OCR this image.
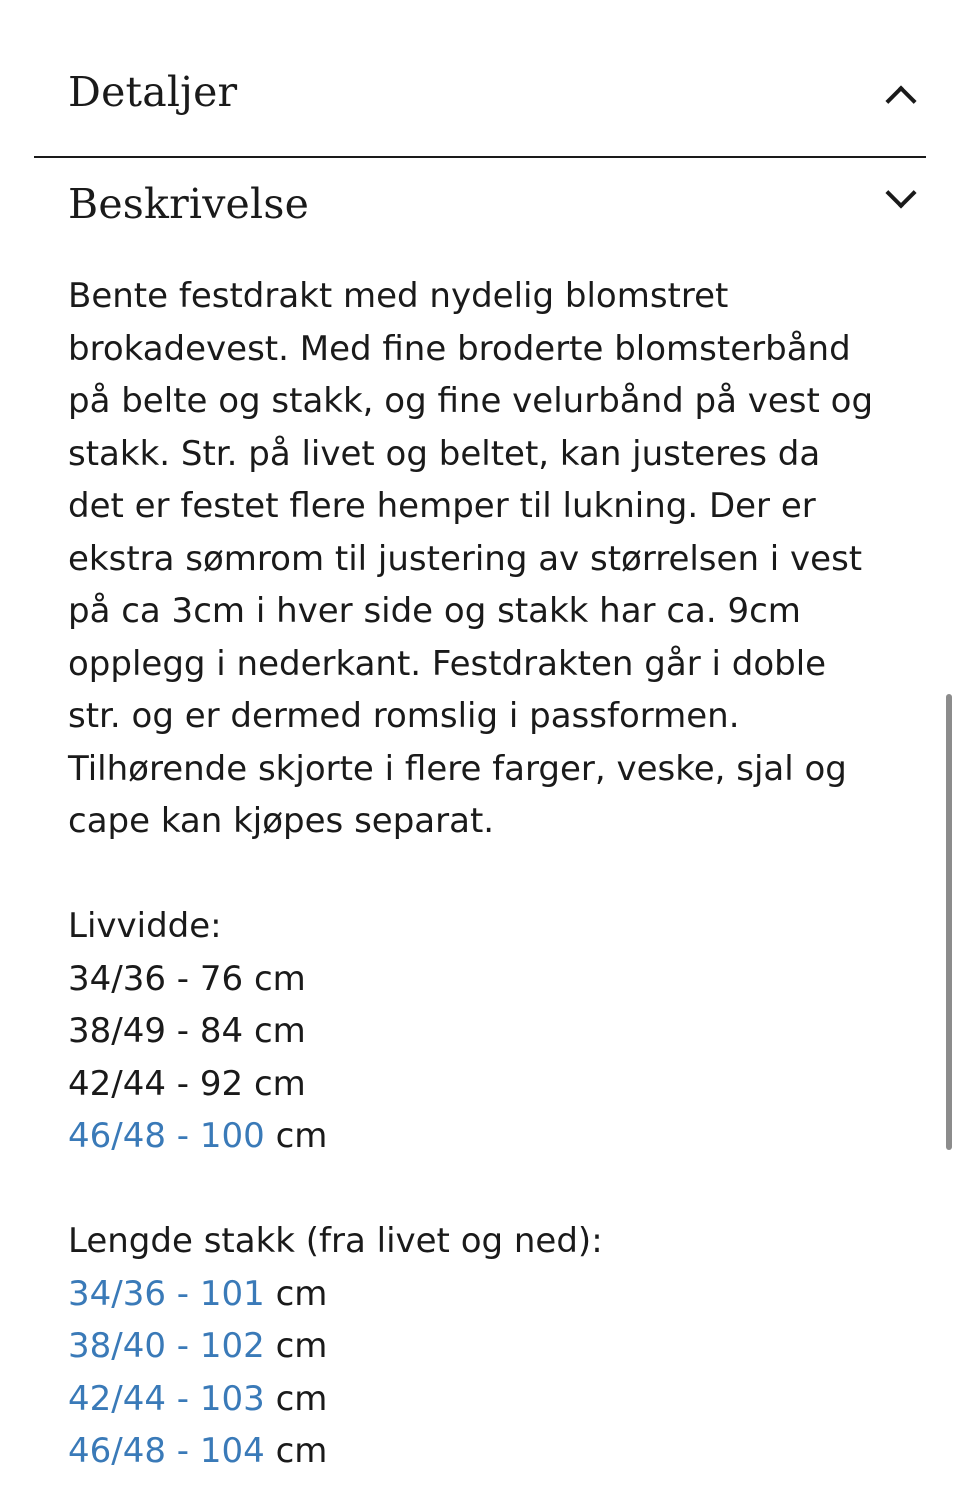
Detaljer
Beskrivelse
Bente festdrakt med nydelig blomstret
brokadevest. Med fine broderte blomsterbånd
på belte og stakk, og fine velurbånd på vest og
stakk. Str. på livet og beltet, kan justeres da
det er festet flere hemper til lukning. Der er
ekstra sømrom til justering av størrelsen i vest
på ca 3cm i hver side og stakk har ca. 9cm
opplegg i nederkant. Festdrakten går i doble
str. og er dermed romslig i passformen.
Tilhørende skjorte i flere farger, veske, sjal og
cape kan kjøpes separat.
Livvidde:
34/36 - 76 cm
38/49 - 84 cm
42/44 - 92 cm
46/48 - 100 cm
Lengde stakk (fra livet og ned):
34/36 - 101 cm
38/40 - 102 cm
42/44 - 103 cm
46/48 - 104 cm
